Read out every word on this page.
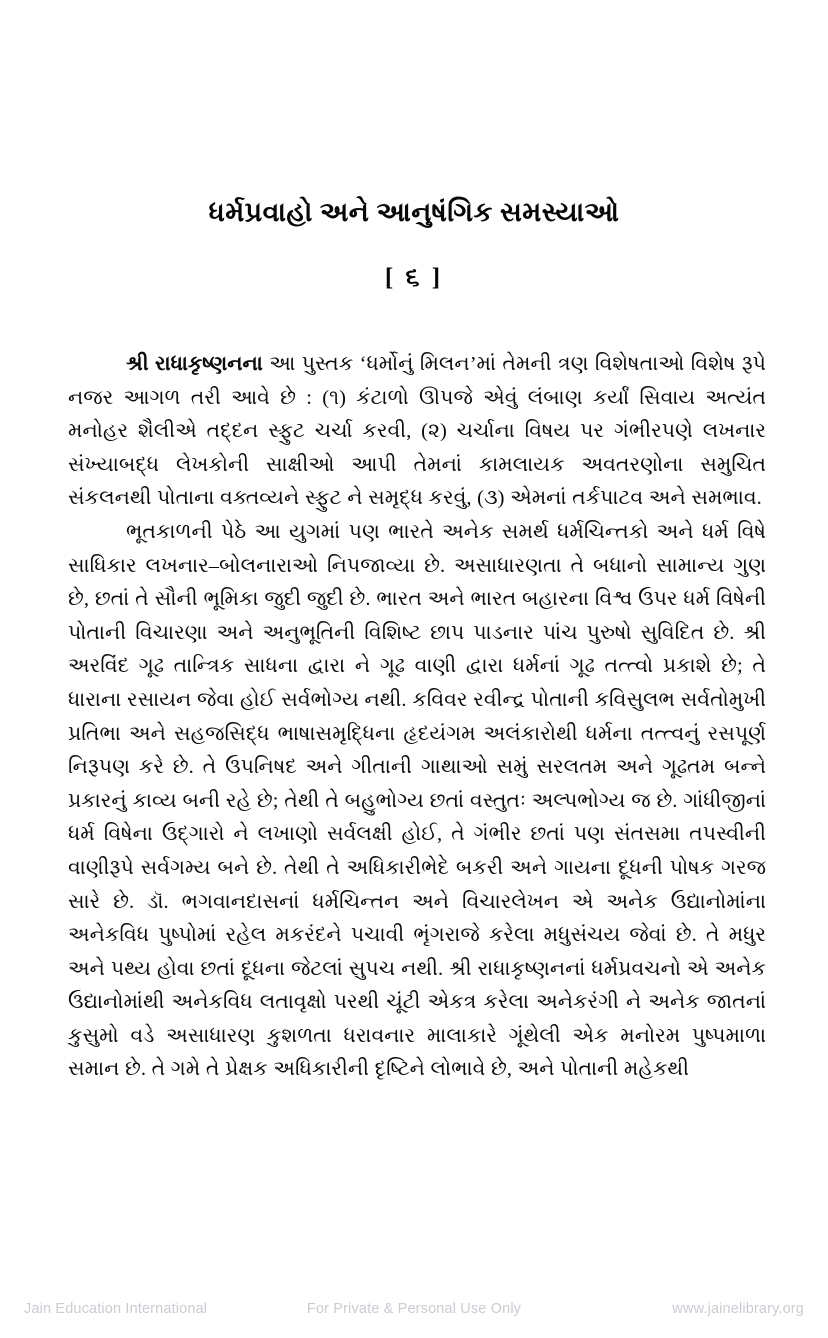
ધર્મપ્રવાહો અને આનુષંગિક સમસ્યાઓ
[ ૬ ]

શ્રી રાધાકૃષ્ણનના આ પુસ્તક ‘ધર્મોનું મિલન’માં તેમની ત્રણ વિશેષતાઓ વિશેષ રૂપે નજર આગળ તરી આવે છે : (૧) કંટાળો ઊપજે એવું લંબાણ કર્યાં સિવાય અત્યંત મનોહર શૈલીએ તદ્દન સ્ફુટ ચર્ચા કરવી, (૨) ચર્ચાના વિષય પર ગંભીરપણે લખનાર સંખ્યાબદ્ધ લેખકોની સાક્ષીઓ આપી તેમનાં કામલાયક અવતરણોના સમુચિત સંકલનથી પોતાના વક્તવ્યને સ્ફુટ ને સમૃદ્ધ કરવું, (૩) એમનાં તર્કપાટવ અને સમભાવ.

ભૂતકાળની પેઠે આ યુગમાં પણ ભારતે અનેક સમર્થ ધર્મચિન્તકો અને ધર્મ વિષે સાધિકાર લખનાર–બોલનારાઓ નિપજાવ્યા છે. અસાધારણતા તે બધાનો સામાન્ય ગુણ છે, છતાં તે સૌની ભૂમિકા જુદી જુદી છે. ભારત અને ભારત બહારના વિશ્વ ઉપર ધર્મ વિષેની પોતાની વિચારણા અને અનુભૂતિની વિશિષ્ટ છાપ પાડનાર પાંચ પુરુષો સુવિદિત છે. શ્રી અરવિંદ ગૂઢ તાન્ત્રિક સાધના દ્વારા ને ગૂઢ વાણી દ્વારા ધર્મનાં ગૂઢ તત્ત્વો પ્રકાશે છે; તે ધારાના રસાયન જેવા હોઈ સર્વભોગ્ય નથી. કવિવર રવીન્દ્ર પોતાની કવિસુલભ સર્વતોમુખી પ્રતિભા અને સહજસિદ્ધ ભાષાસમૃદ્ધિના હૃદયંગમ અલંકારોથી ધર્મના તત્ત્વનું રસપૂર્ણ નિરૂપણ કરે છે. તે ઉપનિષદ અને ગીતાની ગાથાઓ સમું સરલતમ અને ગૂઢતમ બન્ને પ્રકારનું કાવ્ય બની રહે છે; તેથી તે બહુભોગ્ય છતાં વસ્તુતઃ અલ્પભોગ્ય જ છે. ગાંધીજીનાં ધર્મ વિષેના ઉદ્‌ગારો ને લખાણો સર્વલક્ષી હોઈ, તે ગંભીર છતાં પણ સંતસમા તપસ્વીની વાણીરૂપે સર્વગમ્ય બને છે. તેથી તે અધિકારીભેદે બકરી અને ગાયના દૂધની પોષક ગરજ સારે છે. ડૉ. ભગવાનદાસનાં ધર્મચિન્તન અને વિચારલેખન એ અનેક ઉદ્યાનોમાંના અનેકવિધ પુષ્પોમાં રહેલ મકરંદને પચાવી ભૃંગરાજે કરેલા મધુસંચય જેવાં છે. તે મધુર અને પથ્ય હોવા છતાં દૂધના જેટલાં સુપચ નથી. શ્રી રાધાકૃષ્ણનનાં ધર્મપ્રવચનો એ અનેક ઉદ્યાનોમાંથી અનેકવિધ લતાવૃક્ષો પરથી ચૂંટી એકત્ર કરેલા અનેકરંગી ને અનેક જાતનાં કુસુમો વડે અસાધારણ કુશળતા ધરાવનાર માલાકારે ગૂંથેલી એક મનોરમ પુષ્પમાળા સમાન છે. તે ગમે તે પ્રેક્ષક અધિકારીની દૃષ્ટિને લોભાવે છે, અને પોતાની મહેકથી

Jain Education International	For Private & Personal Use Only	www.jainelibrary.org
